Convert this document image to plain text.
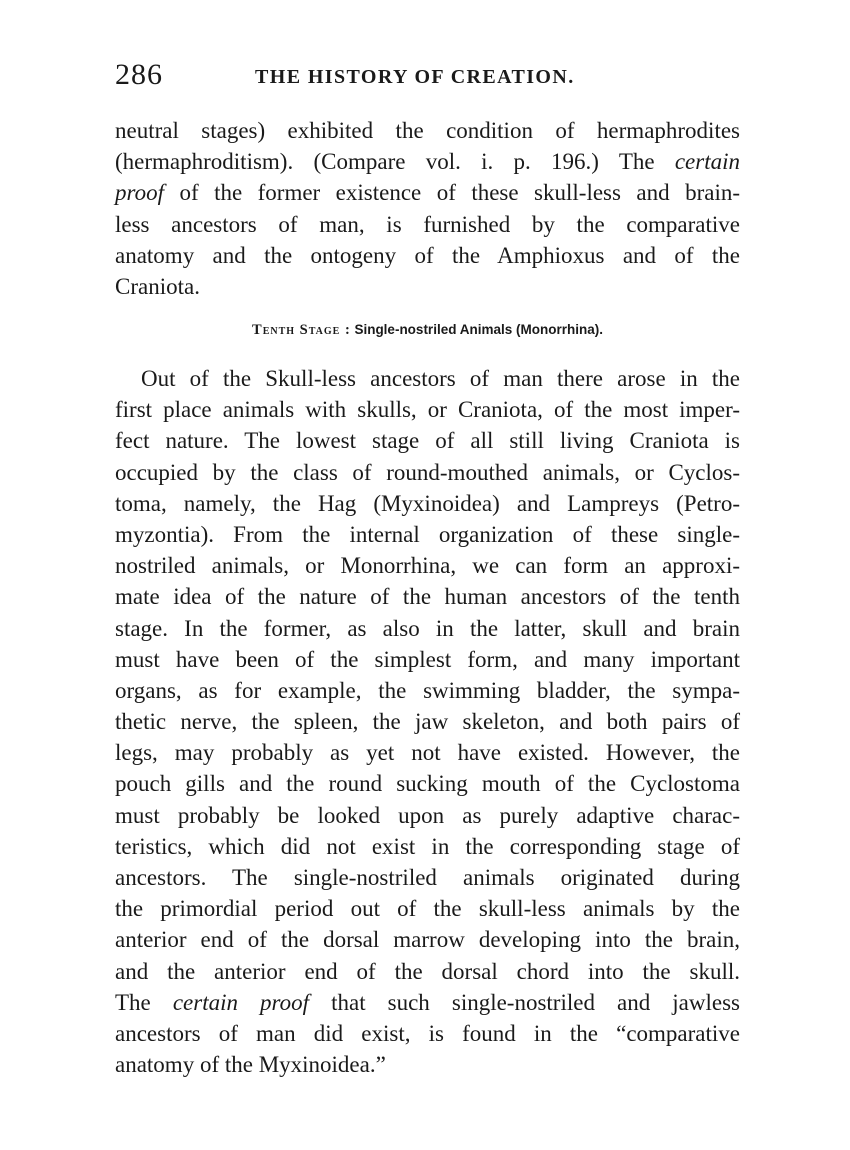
286	THE HISTORY OF CREATION.
neutral stages) exhibited the condition of hermaphrodites
(hermaphroditism). (Compare vol. i. p. 196.) The certain
proof of the former existence of these skull-less and brain-
less ancestors of man, is furnished by the comparative
anatomy and the ontogeny of the Amphioxus and of the
Craniota.
Tenth Stage : Single-nostriled Animals (Monorrhina).
Out of the Skull-less ancestors of man there arose in the
first place animals with skulls, or Craniota, of the most imper-
fect nature. The lowest stage of all still living Craniota is
occupied by the class of round-mouthed animals, or Cyclos-
toma, namely, the Hag (Myxinoidea) and Lampreys (Petro-
myzontia). From the internal organization of these single-
nostriled animals, or Monorrhina, we can form an approxi-
mate idea of the nature of the human ancestors of the tenth
stage. In the former, as also in the latter, skull and brain
must have been of the simplest form, and many important
organs, as for example, the swimming bladder, the sympa-
thetic nerve, the spleen, the jaw skeleton, and both pairs of
legs, may probably as yet not have existed. However, the
pouch gills and the round sucking mouth of the Cyclostoma
must probably be looked upon as purely adaptive charac-
teristics, which did not exist in the corresponding stage of
ancestors. The single-nostriled animals originated during
the primordial period out of the skull-less animals by the
anterior end of the dorsal marrow developing into the brain,
and the anterior end of the dorsal chord into the skull.
The certain proof that such single-nostriled and jawless
ancestors of man did exist, is found in the “comparative
anatomy of the Myxinoidea.”
